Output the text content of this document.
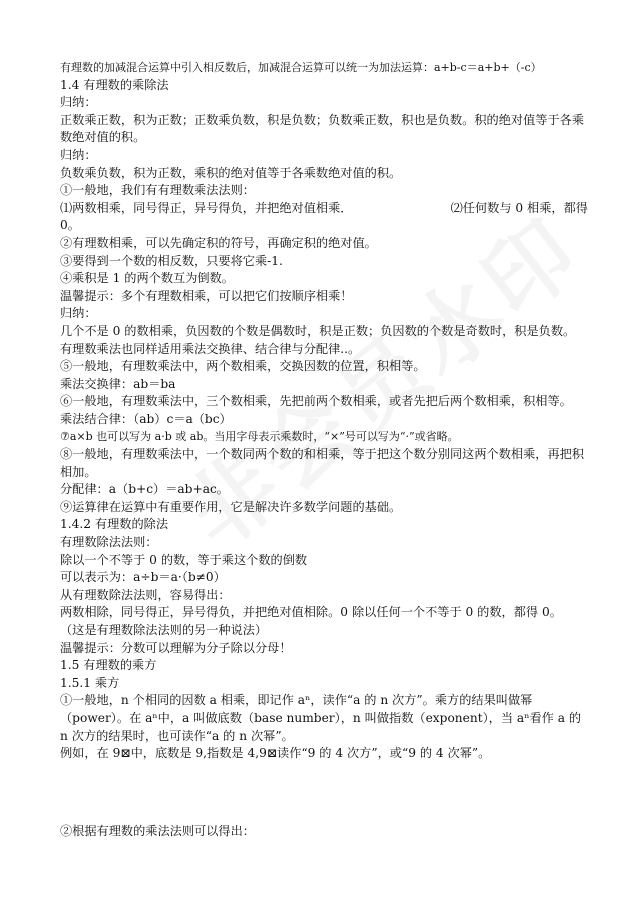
有理数的加减混合运算中引入相反数后，加减混合运算可以统一为加法运算：a+b-c＝a+b+（-c）
1.4 有理数的乘除法
归纳：
正数乘正数，积为正数；正数乘负数，积是负数；负数乘正数，积也是负数。积的绝对值等于各乘数绝对值的积。
归纳：
负数乘负数，积为正数，乘积的绝对值等于各乘数绝对值的积。
①一般地，我们有有理数乘法法则：
⑴两数相乘，同号得正，异号得负，并把绝对值相乘．	⑵任何数与 0 相乘，都得
0。
②有理数相乘，可以先确定积的符号，再确定积的绝对值。
③要得到一个数的相反数，只要将它乘-1.
④乘积是 1 的两个数互为倒数。
温馨提示：多个有理数相乘，可以把它们按顺序相乘！
归纳：
几个不是 0 的数相乘，负因数的个数是偶数时，积是正数；负因数的个数是奇数时，积是负数。
有理数乘法也同样适用乘法交换律、结合律与分配律..。
⑤一般地，有理数乘法中，两个数相乘，交换因数的位置，积相等。
乘法交换律：ab＝ba
⑥一般地，有理数乘法中，三个数相乘，先把前两个数相乘，或者先把后两个数相乘，积相等。
乘法结合律：（ab）c＝a（bc）
⑦a×b 也可以写为 a·b 或 ab。当用字母表示乘数时，“×”号可以写为“·”或省略。
⑧一般地，有理数乘法中，一个数同两个数的和相乘，等于把这个数分别同这两个数相乘，再把积相加。
分配律：a（b+c）＝ab+ac。
⑨运算律在运算中有重要作用，它是解决许多数学问题的基础。
1.4.2 有理数的除法
有理数除法法则：
除以一个不等于 0 的数，等于乘这个数的倒数
可以表示为：a÷b＝a·（b≠0）
从有理数除法法则，容易得出：
两数相除，同号得正，异号得负，并把绝对值相除。0 除以任何一个不等于 0 的数，都得 0。
（这是有理数除法法则的另一种说法）
温馨提示：分数可以理解为分子除以分母！
1.5 有理数的乘方
1.5.1 乘方
①一般地，n 个相同的因数 a 相乘，即记作 aⁿ，读作“a 的 n 次方”。乘方的结果叫做幂（power）。在 aⁿ中，a 叫做底数（base number），n 叫做指数（exponent），当 aⁿ看作 a 的 n 次方的结果时，也可读作“a 的 n 次幂”。
例如，在 9⊠中，底数是 9,指数是 4,9⊠读作“9 的 4 次方”，或“9 的 4 次幂”。
②根据有理数的乘法法则可以得出：
